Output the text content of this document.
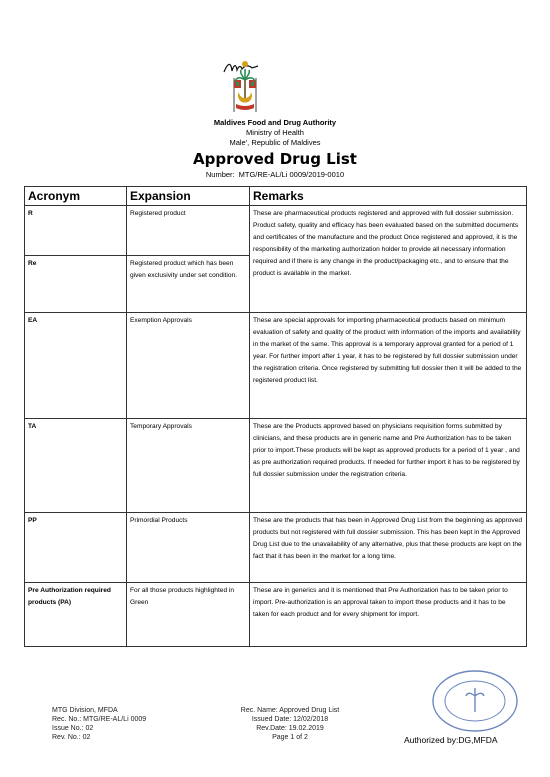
Maldives Food and Drug Authority
Ministry of Health
Male', Republic of Maldives
Approved Drug List
Number: MTG/RE-AL/Li 0009/2019-0010
Acronym	Expansion	Remarks
R	Registered product	These are pharmaceutical products registered and approved with full dossier submission. Product safety, quality and efficacy has been evaluated based on the submitted documents and certificates of the manufacture and the product Once registered and approved, it is the responsibility of the marketing authorization holder to provide all necessary information required and if there is any change in the product/packaging etc., and to ensure that the product is available in the market.
Re	Registered product which has been given exclusivity under set condition.	
EA	Exemption Approvals	These are special approvals for importing pharmaceutical products based on minimum evaluation of safety and quality of the product with information of the imports and availability in the market of the same. This approval is a temporary approval granted for a period of 1 year. For further import after 1 year, it has to be registered by full dossier submission under the registration criteria. Once registered by submitting full dossier then it will be added to the registered product list.
TA	Temporary Approvals	These are the Products approved based on physicians requisition forms submitted by clinicians, and these products are in generic name and Pre Authorization has to be taken prior to import.These products will be kept as approved products for a period of 1 year , and as pre authorization required products. If needed for further import it has to be registered by full dossier submission under the registration criteria.
PP	Primordial Products	These are the products that has been in Approved Drug List from the beginning as approved products but not registered with full dossier submission. This has been kept in the Approved Drug List due to the unavailability of any alternative, plus that these products are kept on the fact that it has been in the market for a long time.
Pre Authorization required products (PA)	For all those products highlighted in Green	These are in generics and it is mentioned that Pre Authorization has to be taken prior to import. Pre-authorization is an approval taken to import these products and it has to be taken for each product and for every shipment for import.
MTG Division, MFDA
Rec. No.: MTG/RE-AL/Li 0009
Issue No.: 02
Rev. No.: 02
Rec. Name: Approved Drug List
Issued Date: 12/02/2018
Rev.Date: 19.02.2019
Page 1 of 2	Authorized by:DG,MFDA
